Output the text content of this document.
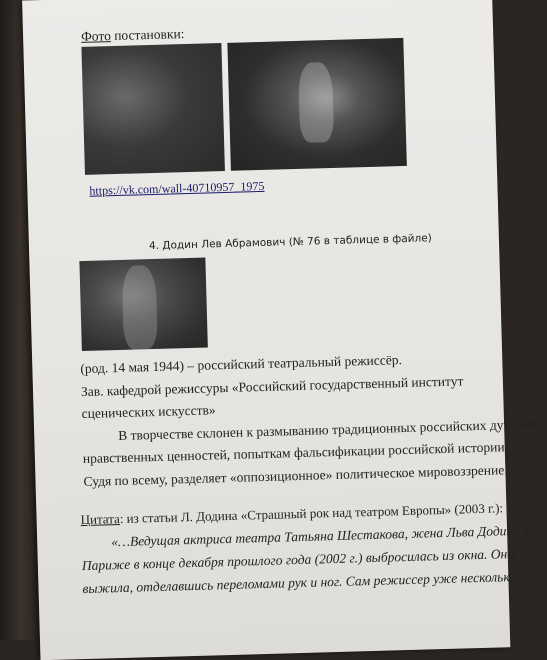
Фото постановки:
https://vk.com/wall-40710957_1975
4. Додин Лев Абрамович (№ 76 в таблице в файле)
(род. 14 мая 1944) – российский театральный режиссёр.
Зав. кафедрой режиссуры «Российский государственный институт
сценических искусств»
В творчестве склонен к размыванию традиционных российских духовно-
нравственных ценностей, попыткам фальсификации российской истории.
Судя по всему, разделяет «оппозиционное» политическое мировоззрение.
Цитата: из статьи Л. Додина «Страшный рок над театром Европы» (2003 г.):
«…Ведущая актриса театра Татьяна Шестакова, жена Льва Додина в
Париже в конце декабря прошлого года (2002 г.) выбросилась из окна. Она
выжила, отделавшись переломами рук и ног. Сам режиссер уже несколько
